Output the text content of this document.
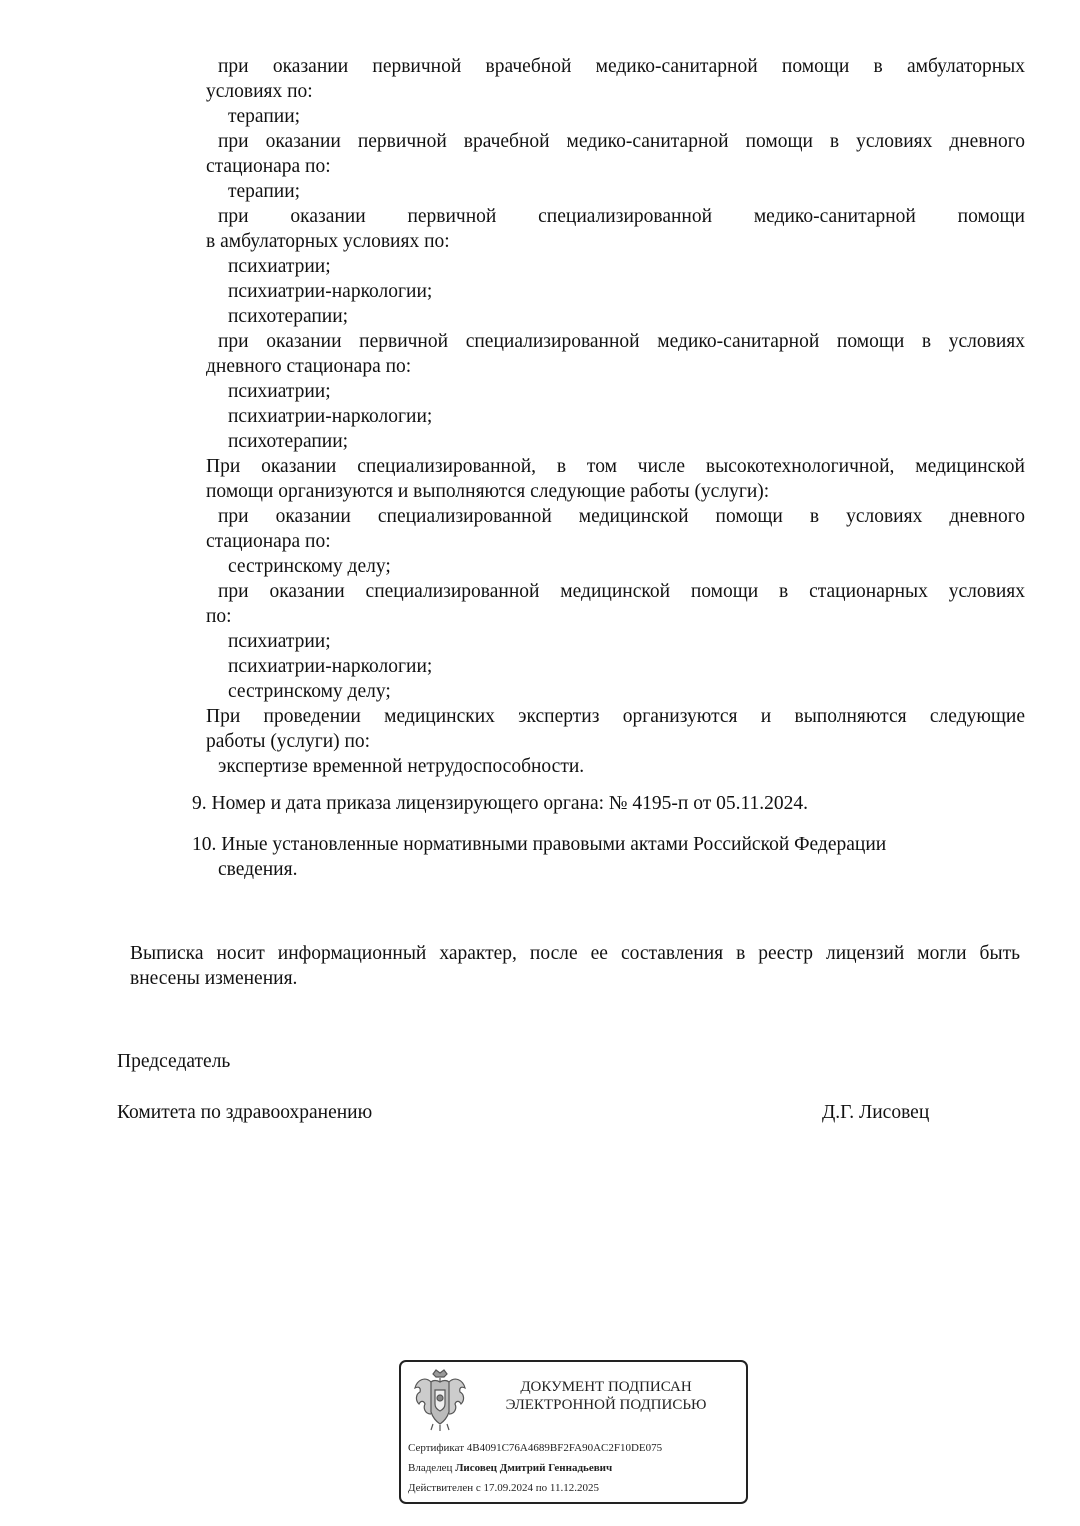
при оказании первичной врачебной медико-санитарной помощи в амбулаторных

условиях по:

терапии;

при оказании первичной врачебной медико-санитарной помощи в условиях дневного

стационара по:

терапии;

при оказании первичной специализированной медико-санитарной помощи

в амбулаторных условиях по:

психиатрии;

психиатрии-наркологии;

психотерапии;

при оказании первичной специализированной медико-санитарной помощи в условиях

дневного стационара по:

психиатрии;

психиатрии-наркологии;

психотерапии;

При оказании специализированной, в том числе высокотехнологичной, медицинской

помощи организуются и выполняются следующие работы (услуги):

при оказании специализированной медицинской помощи в условиях дневного

стационара по:

сестринскому делу;

при оказании специализированной медицинской помощи в стационарных условиях

по:

психиатрии;

психиатрии-наркологии;

сестринскому делу;

При проведении медицинских экспертиз организуются и выполняются следующие

работы (услуги) по:

экспертизе временной нетрудоспособности.

9. Номер и дата приказа лицензирующего органа: № 4195-п от 05.11.2024.

10. Иные установленные нормативными правовыми актами Российской Федерации
сведения.

Выписка носит информационный характер, после ее составления в реестр лицензий могли быть
внесены изменения.

Председатель

Комитета по здравоохранению	Д.Г. Лисовец

ДОКУМЕНТ ПОДПИСАН
ЭЛЕКТРОННОЙ ПОДПИСЬЮ
Сертификат 4B4091C76A4689BF2FA90AC2F10DE075
Владелец Лисовец Дмитрий Геннадьевич
Действителен с 17.09.2024 по 11.12.2025
